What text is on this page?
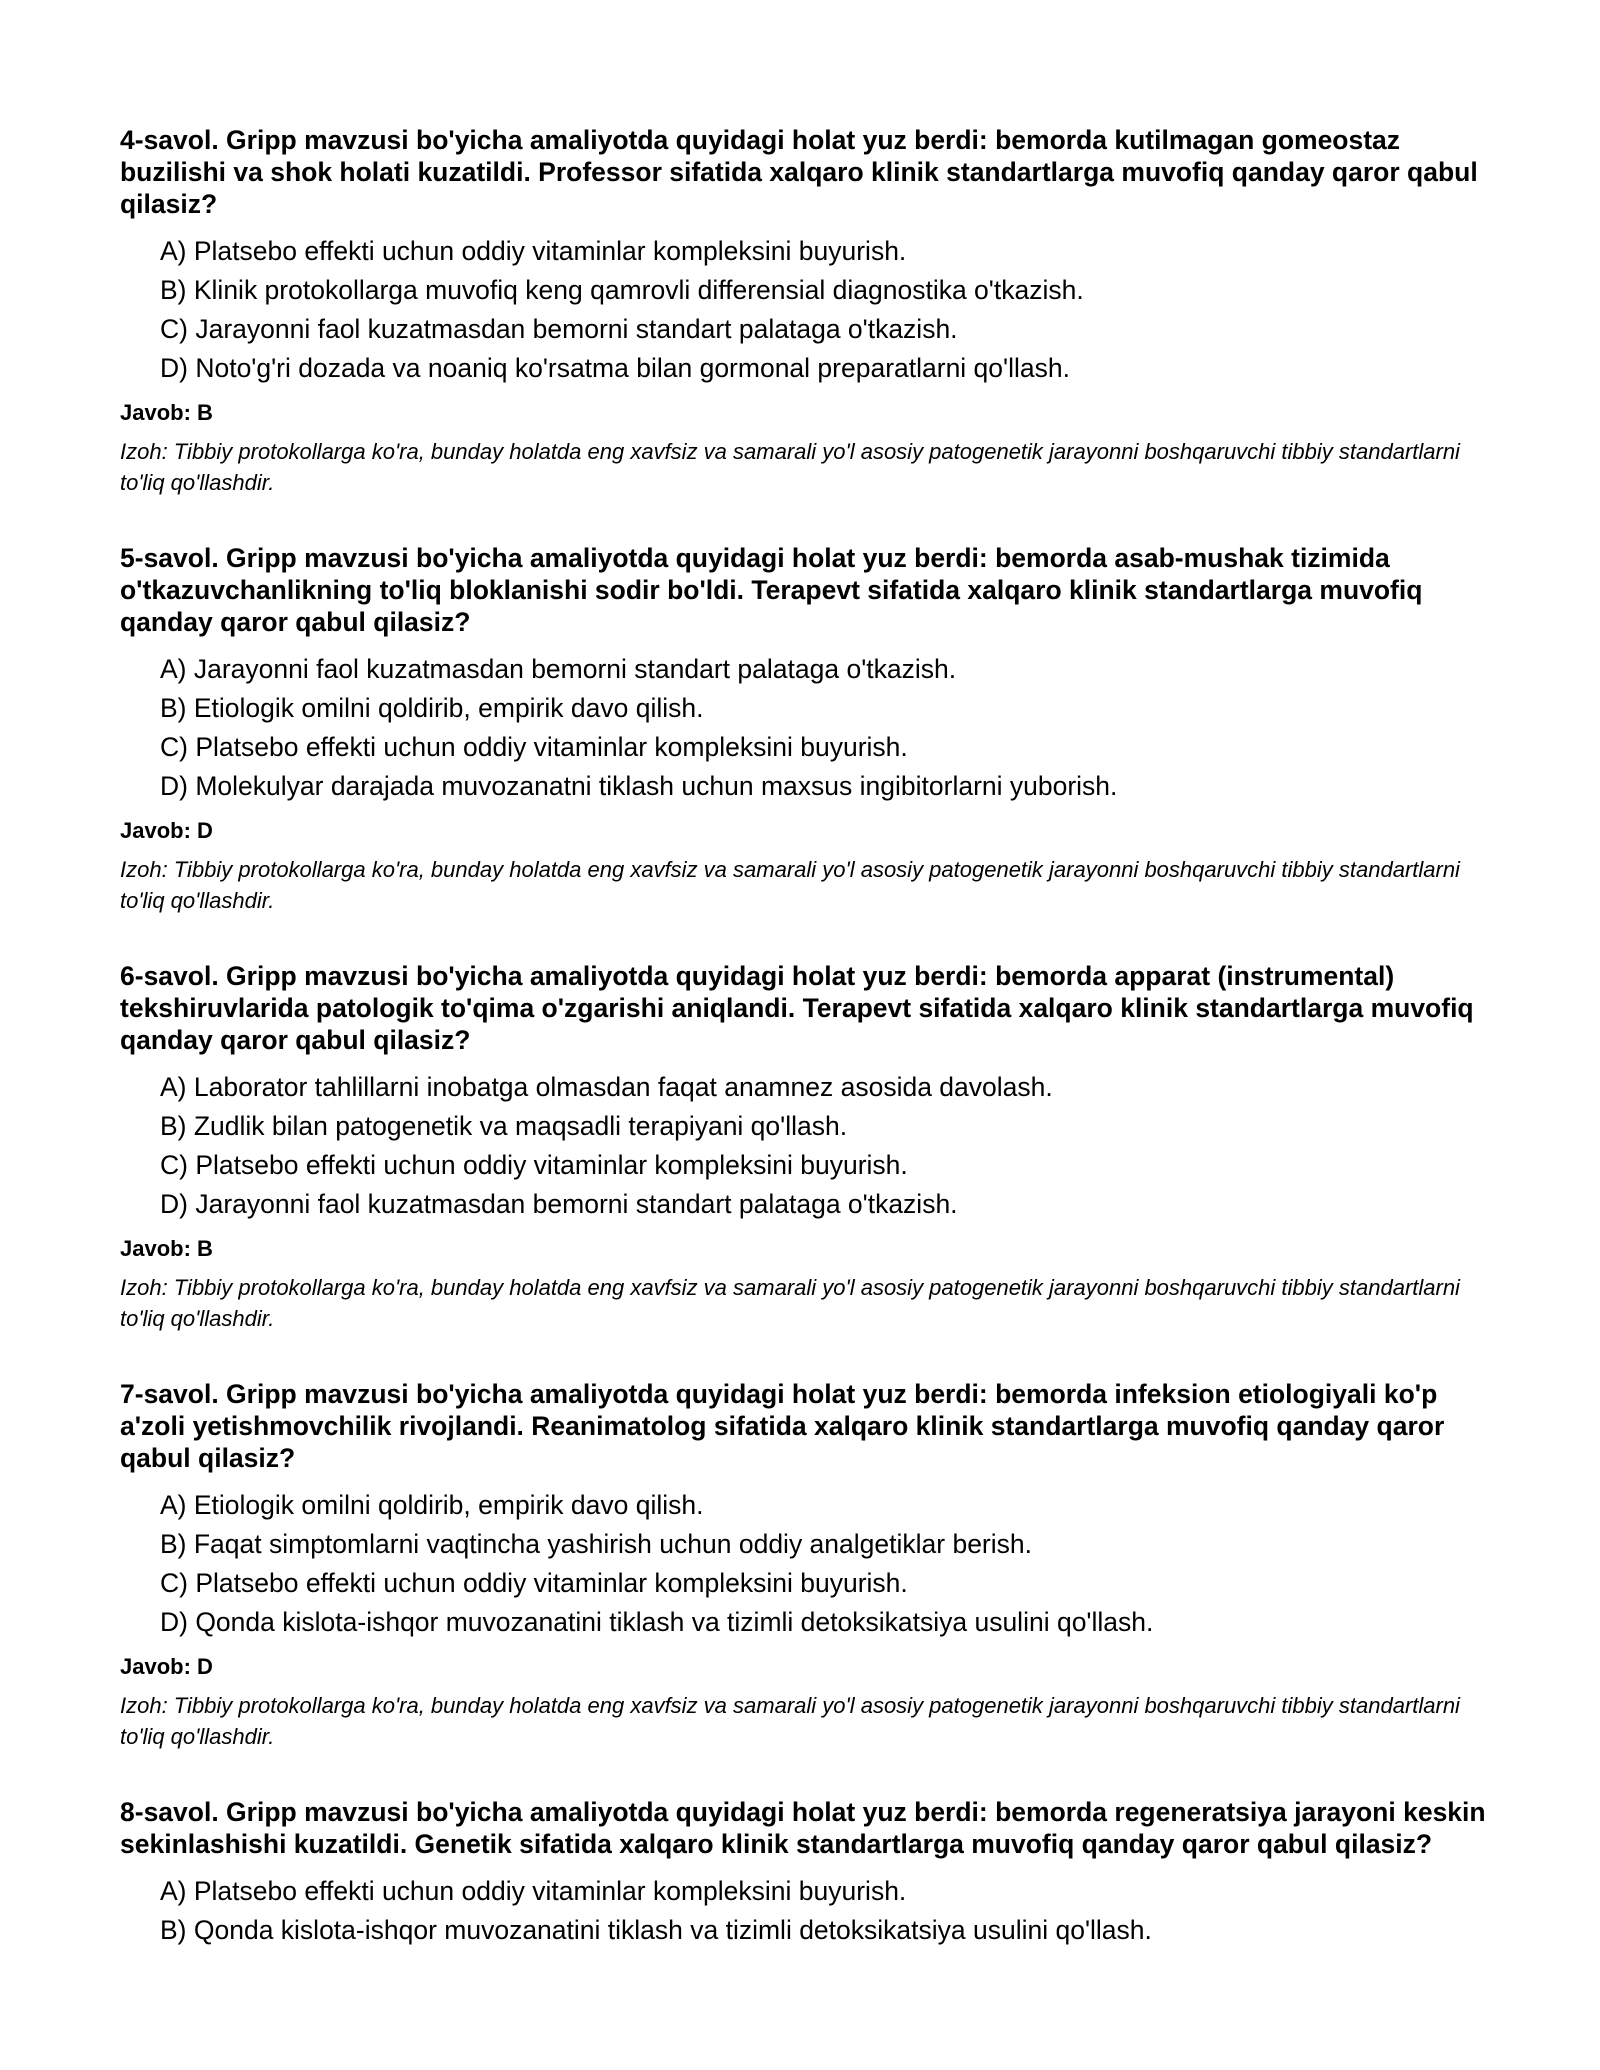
4-savol. Gripp mavzusi bo'yicha amaliyotda quyidagi holat yuz berdi: bemorda kutilmagan gomeostaz buzilishi va shok holati kuzatildi. Professor sifatida xalqaro klinik standartlarga muvofiq qanday qaror qabul qilasiz?

A) Platsebo effekti uchun oddiy vitaminlar kompleksini buyurish.
B) Klinik protokollarga muvofiq keng qamrovli differensial diagnostika o'tkazish.
C) Jarayonni faol kuzatmasdan bemorni standart palataga o'tkazish.
D) Noto'g'ri dozada va noaniq ko'rsatma bilan gormonal preparatlarni qo'llash.

Javob: B

Izoh: Tibbiy protokollarga ko'ra, bunday holatda eng xavfsiz va samarali yo'l asosiy patogenetik jarayonni boshqaruvchi tibbiy standartlarni to'liq qo'llashdir.

5-savol. Gripp mavzusi bo'yicha amaliyotda quyidagi holat yuz berdi: bemorda asab-mushak tizimida o'tkazuvchanlikning to'liq bloklanishi sodir bo'ldi. Terapevt sifatida xalqaro klinik standartlarga muvofiq qanday qaror qabul qilasiz?

A) Jarayonni faol kuzatmasdan bemorni standart palataga o'tkazish.
B) Etiologik omilni qoldirib, empirik davo qilish.
C) Platsebo effekti uchun oddiy vitaminlar kompleksini buyurish.
D) Molekulyar darajada muvozanatni tiklash uchun maxsus ingibitorlarni yuborish.

Javob: D

Izoh: Tibbiy protokollarga ko'ra, bunday holatda eng xavfsiz va samarali yo'l asosiy patogenetik jarayonni boshqaruvchi tibbiy standartlarni to'liq qo'llashdir.

6-savol. Gripp mavzusi bo'yicha amaliyotda quyidagi holat yuz berdi: bemorda apparat (instrumental) tekshiruvlarida patologik to'qima o'zgarishi aniqlandi. Terapevt sifatida xalqaro klinik standartlarga muvofiq qanday qaror qabul qilasiz?

A) Laborator tahlillarni inobatga olmasdan faqat anamnez asosida davolash.
B) Zudlik bilan patogenetik va maqsadli terapiyani qo'llash.
C) Platsebo effekti uchun oddiy vitaminlar kompleksini buyurish.
D) Jarayonni faol kuzatmasdan bemorni standart palataga o'tkazish.

Javob: B

Izoh: Tibbiy protokollarga ko'ra, bunday holatda eng xavfsiz va samarali yo'l asosiy patogenetik jarayonni boshqaruvchi tibbiy standartlarni to'liq qo'llashdir.

7-savol. Gripp mavzusi bo'yicha amaliyotda quyidagi holat yuz berdi: bemorda infeksion etiologiyali ko'p a'zoli yetishmovchilik rivojlandi. Reanimatolog sifatida xalqaro klinik standartlarga muvofiq qanday qaror qabul qilasiz?

A) Etiologik omilni qoldirib, empirik davo qilish.
B) Faqat simptomlarni vaqtincha yashirish uchun oddiy analgetiklar berish.
C) Platsebo effekti uchun oddiy vitaminlar kompleksini buyurish.
D) Qonda kislota-ishqor muvozanatini tiklash va tizimli detoksikatsiya usulini qo'llash.

Javob: D

Izoh: Tibbiy protokollarga ko'ra, bunday holatda eng xavfsiz va samarali yo'l asosiy patogenetik jarayonni boshqaruvchi tibbiy standartlarni to'liq qo'llashdir.

8-savol. Gripp mavzusi bo'yicha amaliyotda quyidagi holat yuz berdi: bemorda regeneratsiya jarayoni keskin sekinlashishi kuzatildi. Genetik sifatida xalqaro klinik standartlarga muvofiq qanday qaror qabul qilasiz?

A) Platsebo effekti uchun oddiy vitaminlar kompleksini buyurish.
B) Qonda kislota-ishqor muvozanatini tiklash va tizimli detoksikatsiya usulini qo'llash.
